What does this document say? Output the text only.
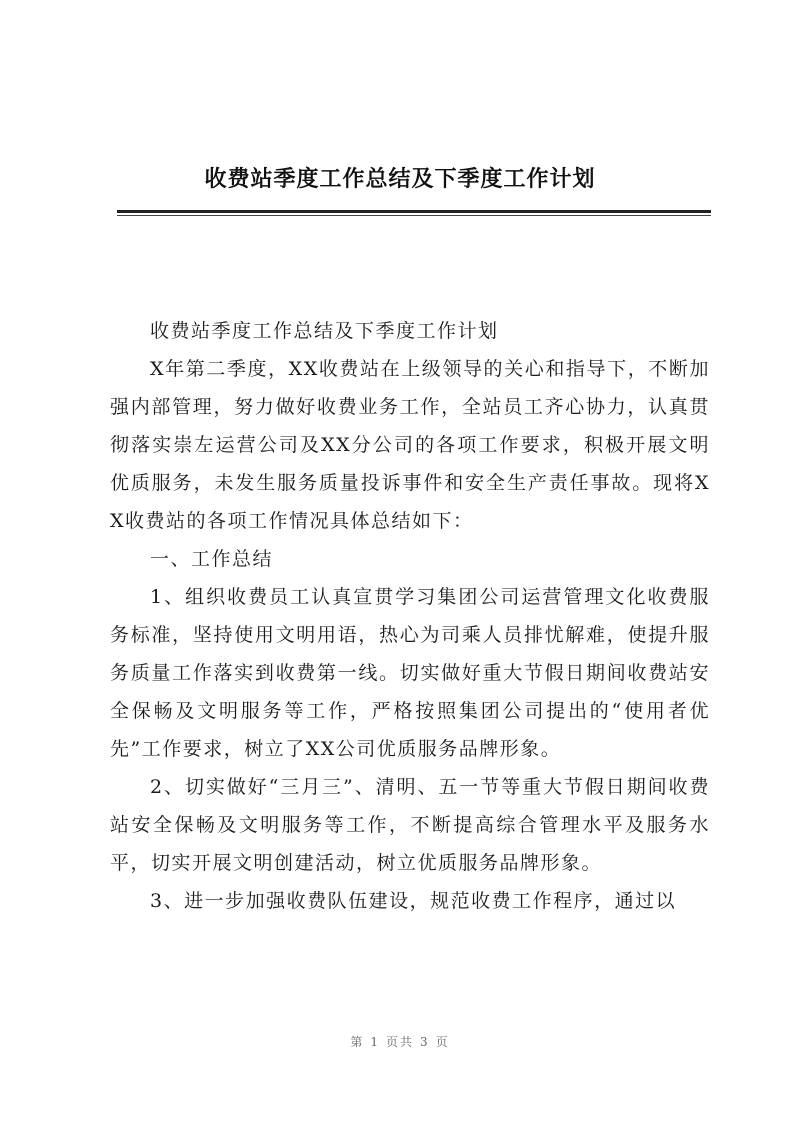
收费站季度工作总结及下季度工作计划

收费站季度工作总结及下季度工作计划

X年第二季度，XX收费站在上级领导的关心和指导下，不断加强内部管理，努力做好收费业务工作，全站员工齐心协力，认真贯彻落实崇左运营公司及XX分公司的各项工作要求，积极开展文明优质服务，未发生服务质量投诉事件和安全生产责任事故。现将XX收费站的各项工作情况具体总结如下：

一、工作总结

1、组织收费员工认真宣贯学习集团公司运营管理文化收费服务标准，坚持使用文明用语，热心为司乘人员排忧解难，使提升服务质量工作落实到收费第一线。切实做好重大节假日期间收费站安全保畅及文明服务等工作，严格按照集团公司提出的“使用者优先”工作要求，树立了XX公司优质服务品牌形象。

2、切实做好“三月三”、清明、五一节等重大节假日期间收费站安全保畅及文明服务等工作，不断提高综合管理水平及服务水平，切实开展文明创建活动，树立优质服务品牌形象。

3、进一步加强收费队伍建设，规范收费工作程序，通过以

第 1 页共 3 页
